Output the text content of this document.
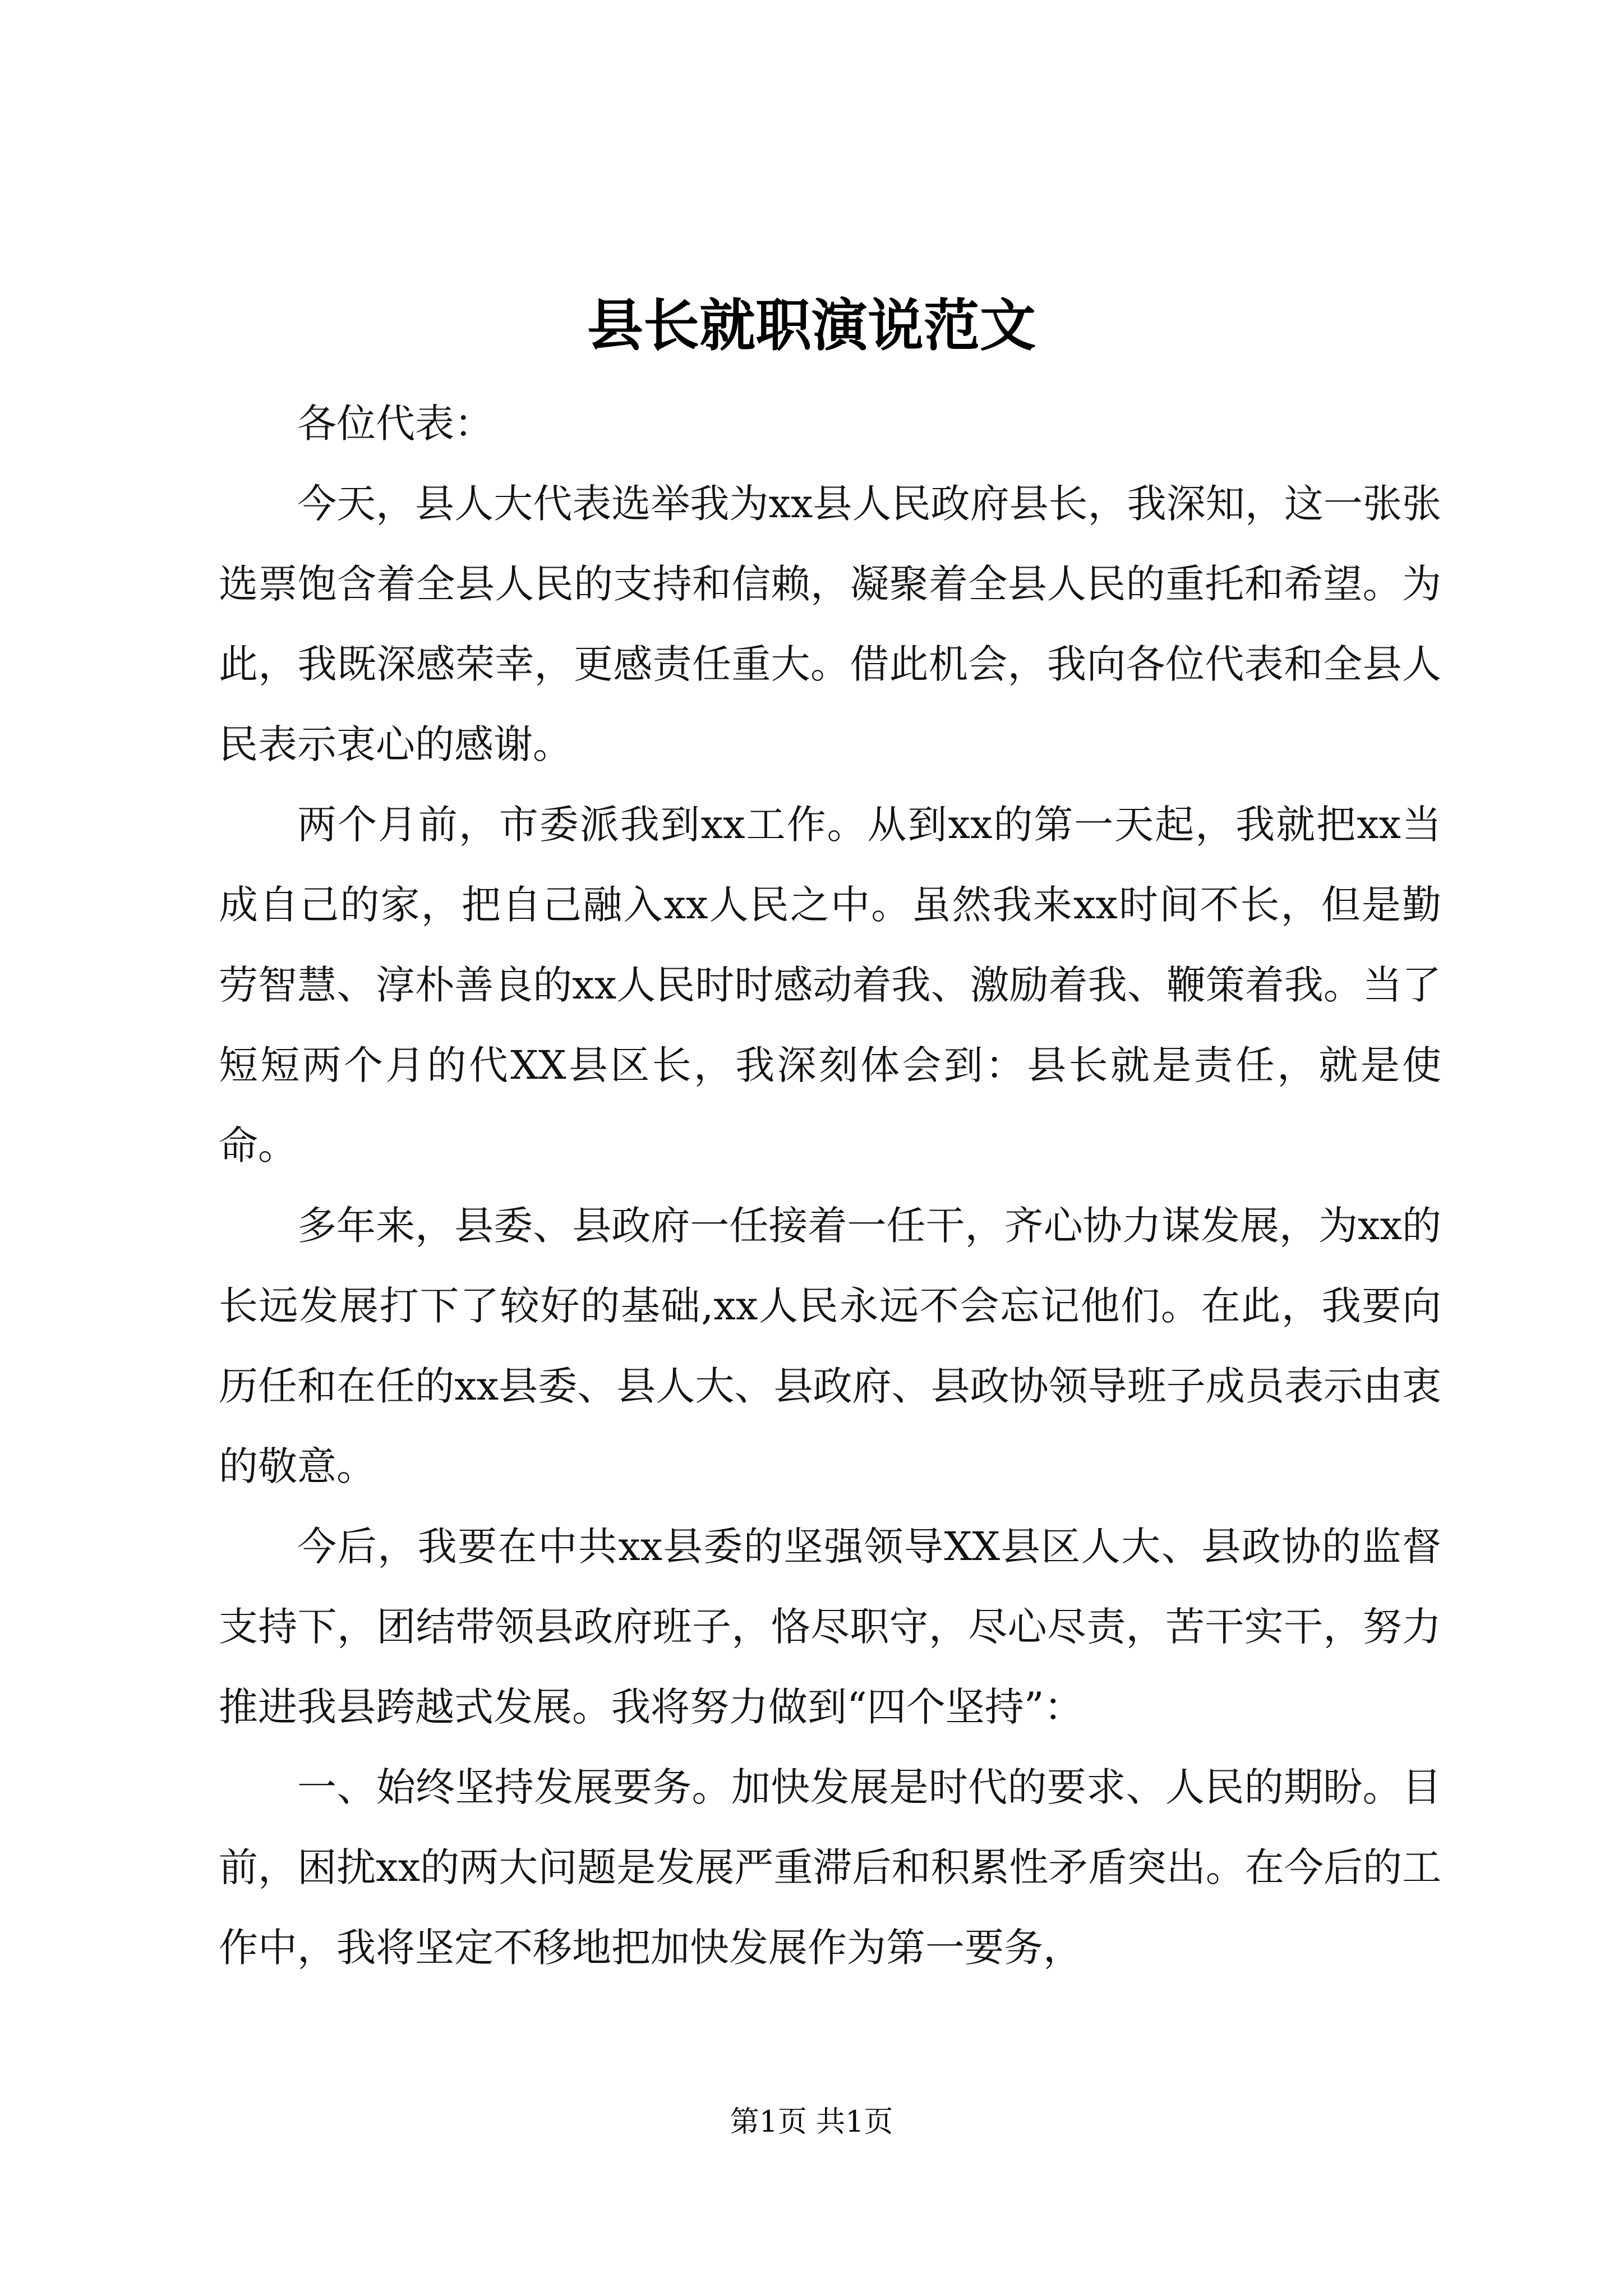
县长就职演说范文

各位代表：

今天，县人大代表选举我为xx县人民政府县长，我深知，这一张张选票饱含着全县人民的支持和信赖，凝聚着全县人民的重托和希望。为此，我既深感荣幸，更感责任重大。借此机会，我向各位代表和全县人民表示衷心的感谢。

两个月前，市委派我到xx工作。从到xx的第一天起，我就把xx当成自己的家，把自己融入xx人民之中。虽然我来xx时间不长，但是勤劳智慧、淳朴善良的xx人民时时感动着我、激励着我、鞭策着我。当了短短两个月的代XX县区长，我深刻体会到：县长就是责任，就是使命。

多年来，县委、县政府一任接着一任干，齐心协力谋发展，为xx的长远发展打下了较好的基础,xx人民永远不会忘记他们。在此，我要向历任和在任的xx县委、县人大、县政府、县政协领导班子成员表示由衷的敬意。

今后，我要在中共xx县委的坚强领导XX县区人大、县政协的监督支持下，团结带领县政府班子，恪尽职守，尽心尽责，苦干实干，努力推进我县跨越式发展。我将努力做到“四个坚持”：

一、始终坚持发展要务。加快发展是时代的要求、人民的期盼。目前，困扰xx的两大问题是发展严重滞后和积累性矛盾突出。在今后的工作中，我将坚定不移地把加快发展作为第一要务，

第1页 共1页
